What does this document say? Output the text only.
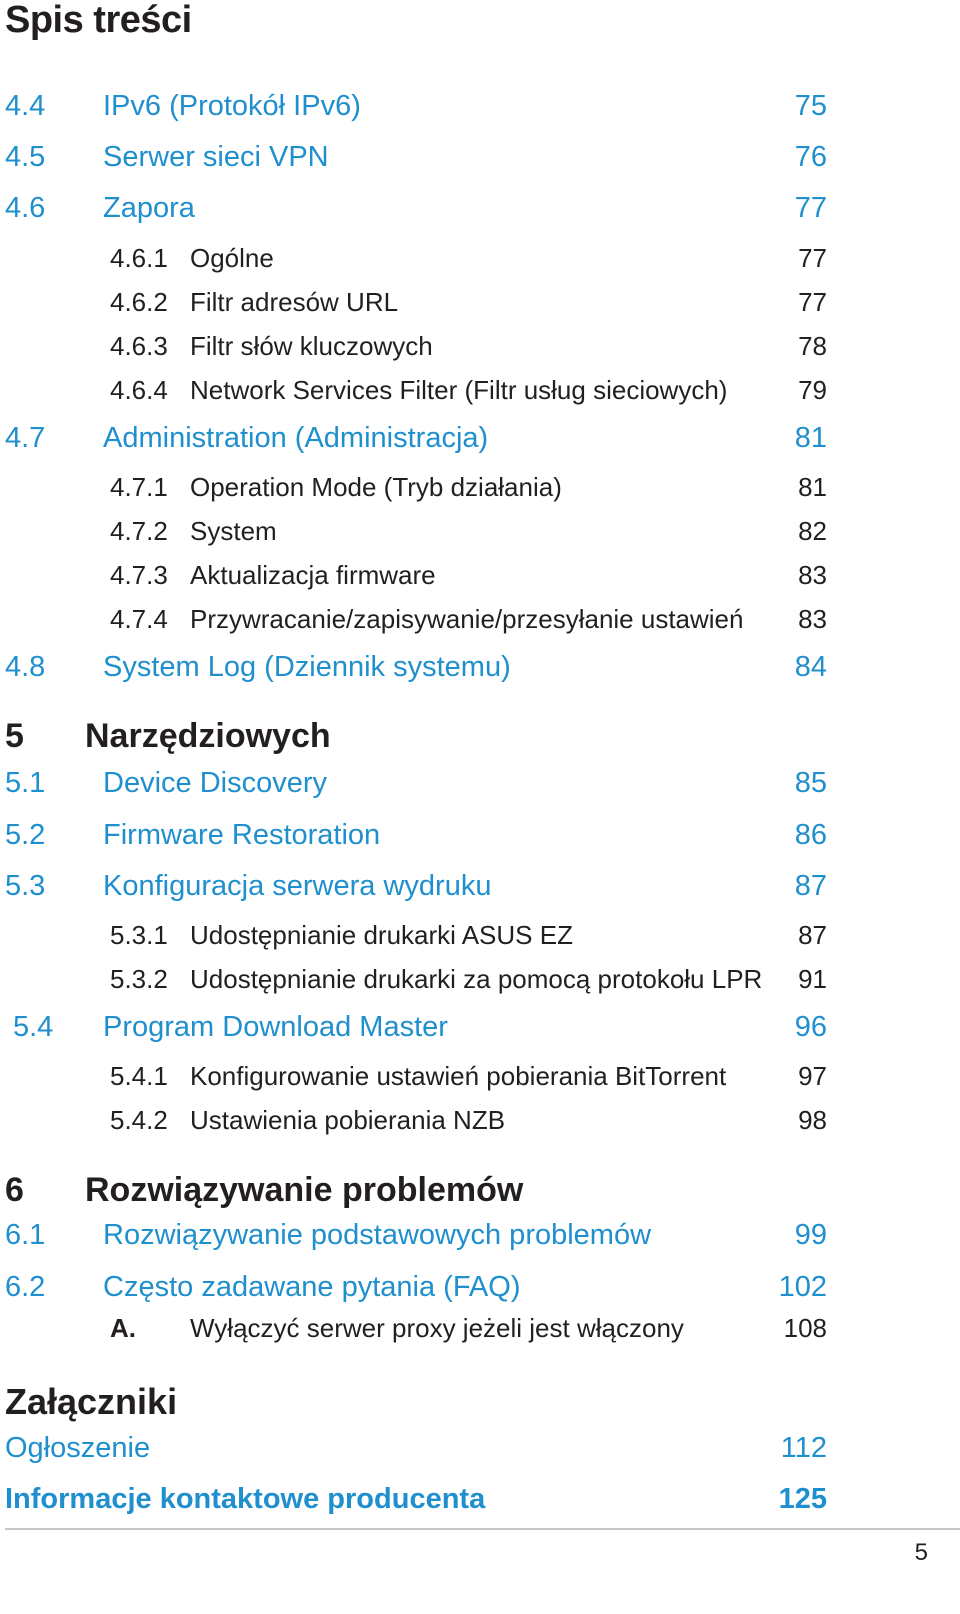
Spis treści
4.4 IPv6 (Protokół IPv6)	75
4.5 Serwer sieci VPN	76
4.6 Zapora	77
4.6.1 Ogólne	77
4.6.2 Filtr adresów URL	77
4.6.3 Filtr słów kluczowych	78
4.6.4 Network Services Filter (Filtr usług sieciowych)	79
4.7 Administration (Administracja)	81
4.7.1 Operation Mode (Tryb działania)	81
4.7.2 System	82
4.7.3 Aktualizacja firmware	83
4.7.4 Przywracanie/zapisywanie/przesyłanie ustawień 83
4.8 System Log (Dziennik systemu)	84
5 Narzędziowych
5.1 Device Discovery	85
5.2 Firmware Restoration	86
5.3 Konfiguracja serwera wydruku	87
5.3.1 Udostępnianie drukarki ASUS EZ	87
5.3.2 Udostępnianie drukarki za pomocą protokołu LPR 91
5.4 Program Download Master	96
5.4.1 Konfigurowanie ustawień pobierania BitTorrent	97
5.4.2 Ustawienia pobierania NZB	98
6 Rozwiązywanie problemów
6.1 Rozwiązywanie podstawowych problemów	99
6.2 Często zadawane pytania (FAQ)	102
A. Wyłączyć serwer proxy jeżeli jest włączony	108
Załączniki
Ogłoszenie	112
Informacje kontaktowe producenta	125
5
